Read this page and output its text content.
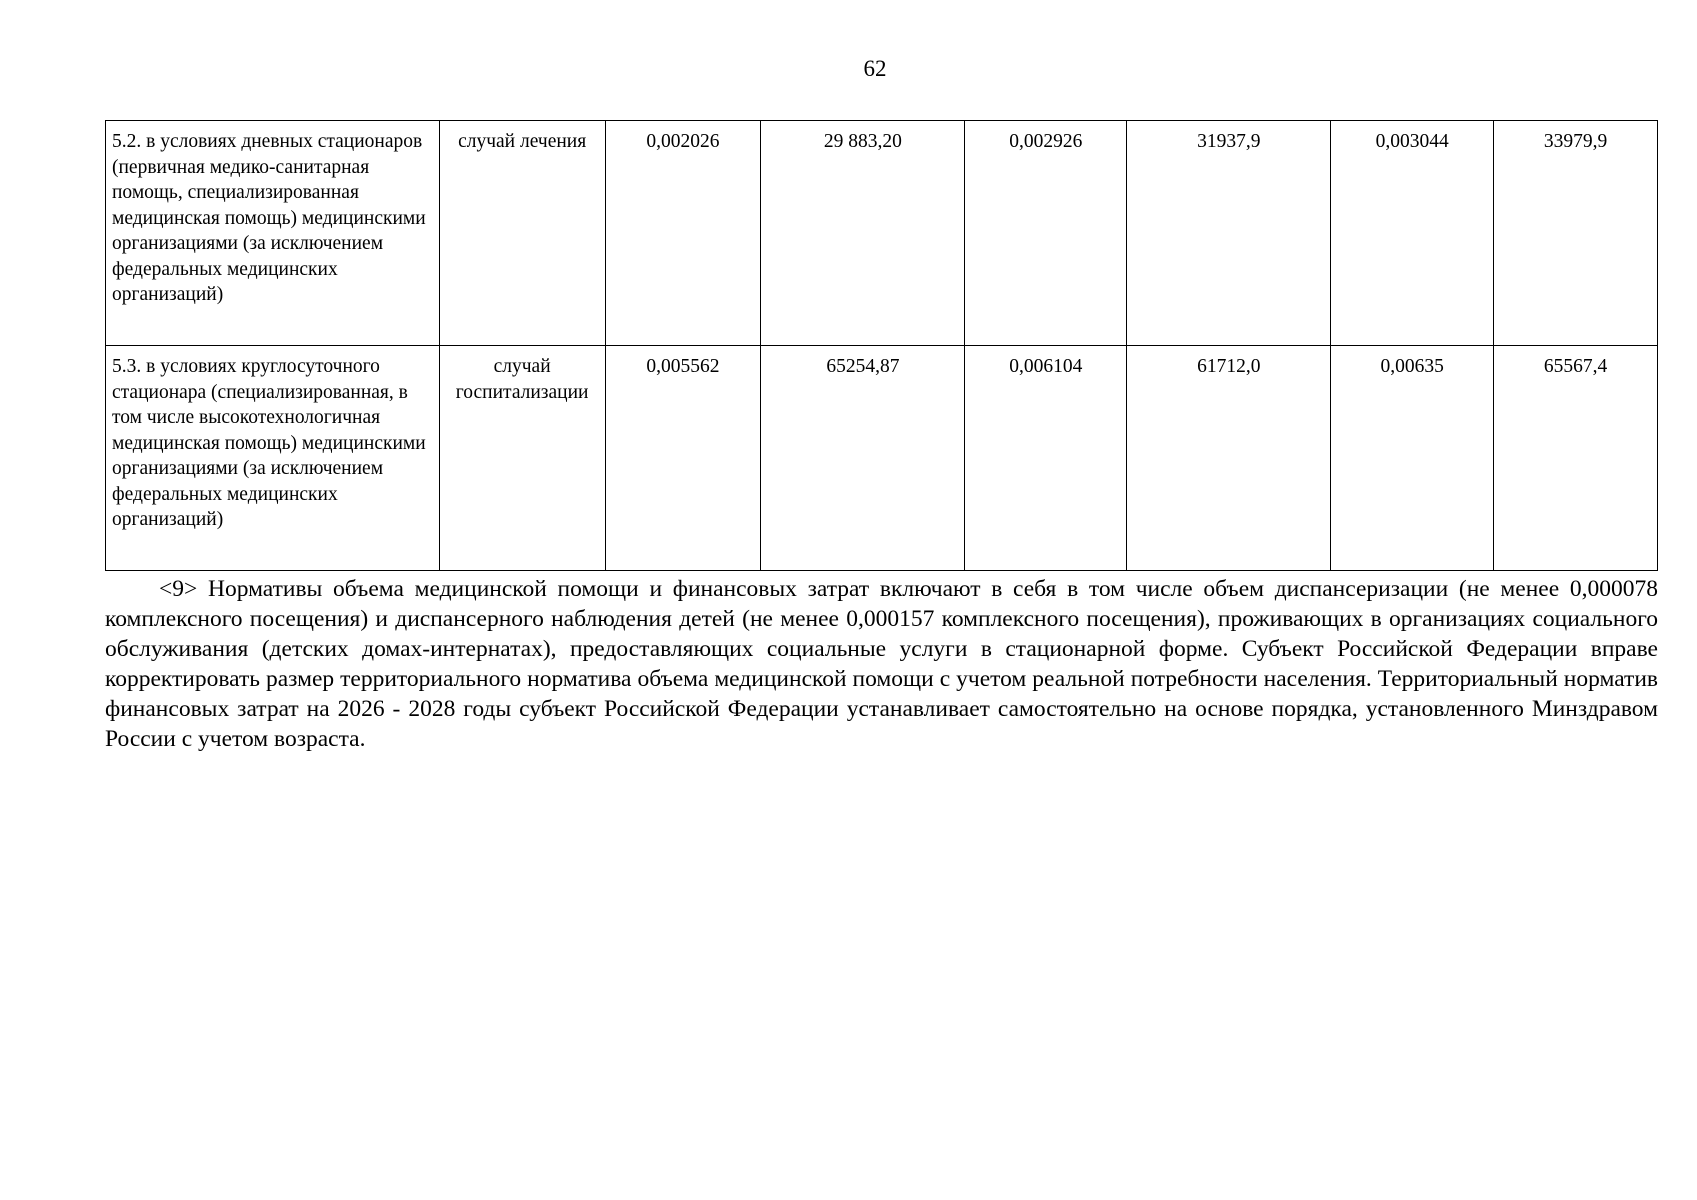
62
5.2. в условиях дневных стационаров (первичная медико-санитарная помощь, специализированная медицинская помощь) медицинскими организациями (за исключением федеральных медицинских организаций)	случай лечения	0,002026	29 883,20	0,002926	31937,9	0,003044	33979,9
5.3. в условиях круглосуточного стационара (специализированная, в том числе высокотехнологичная медицинская помощь) медицинскими организациями (за исключением федеральных медицинских организаций)	случай госпитализации	0,005562	65254,87	0,006104	61712,0	0,00635	65567,4
<9> Нормативы объема медицинской помощи и финансовых затрат включают в себя в том числе объем диспансеризации (не менее 0,000078 комплексного посещения) и диспансерного наблюдения детей (не менее 0,000157 комплексного посещения), проживающих в организациях социального обслуживания (детских домах-интернатах), предоставляющих социальные услуги в стационарной форме. Субъект Российской Федерации вправе корректировать размер территориального норматива объема медицинской помощи с учетом реальной потребности населения. Территориальный норматив финансовых затрат на 2026 - 2028 годы субъект Российской Федерации устанавливает самостоятельно на основе порядка, установленного Минздравом России с учетом возраста.
